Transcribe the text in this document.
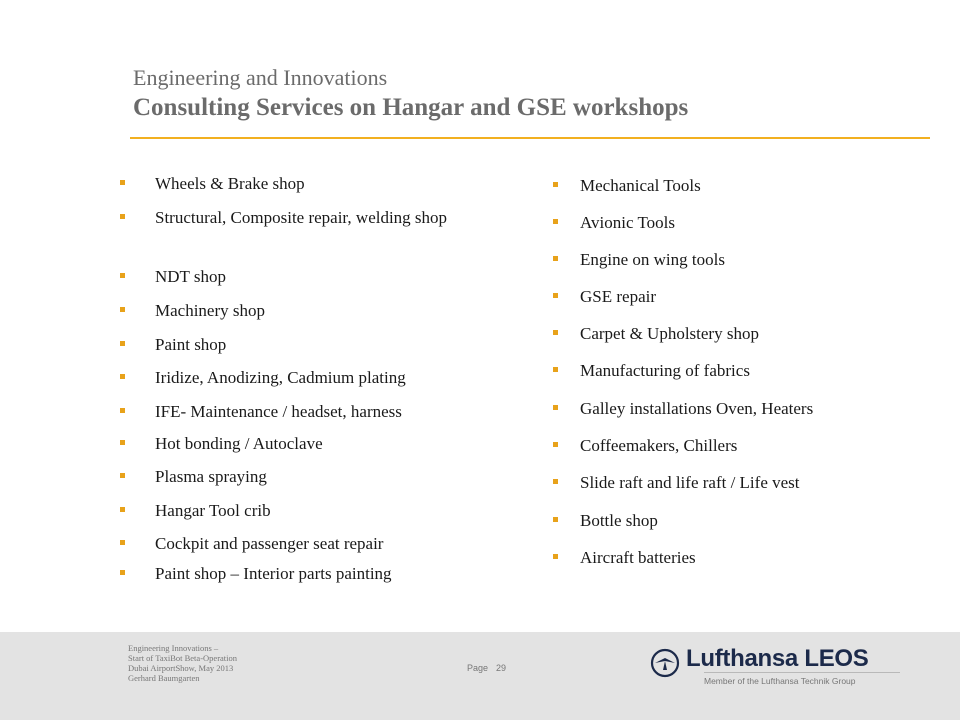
Engineering and Innovations
Consulting Services on Hangar and GSE workshops
Wheels & Brake shop
Structural, Composite repair, welding shop
NDT shop
Machinery shop
Paint shop
Iridize, Anodizing, Cadmium plating
IFE- Maintenance / headset, harness
Hot bonding / Autoclave
Plasma spraying
Hangar Tool crib
Cockpit and passenger seat repair
Paint shop – Interior parts painting
Mechanical Tools
Avionic Tools
Engine on wing tools
GSE repair
Carpet & Upholstery shop
Manufacturing of fabrics
Galley installations Oven, Heaters
Coffeemakers, Chillers
Slide raft and life raft / Life vest
Bottle shop
Aircraft batteries
Engineering Innovations –
Start of TaxiBot Beta-Operation
Dubai AirportShow, May 2013
Gerhard Baumgarten
Page 29	Lufthansa LEOS
Member of the Lufthansa Technik Group
